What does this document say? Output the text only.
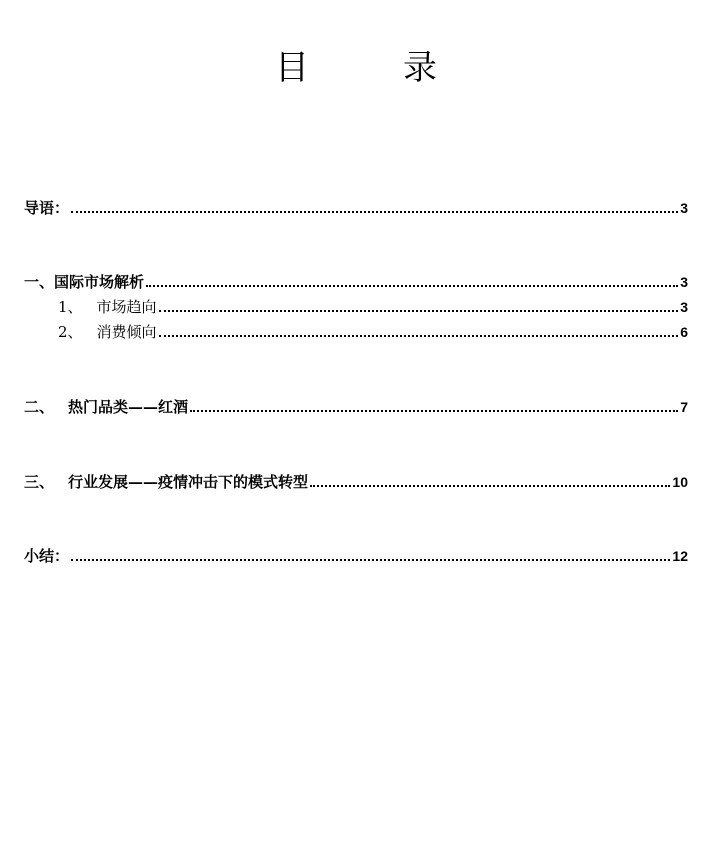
目　录
导语：	3
一、国际市场解析	3
1、 市场趋向	3
2、 消费倾向	6
二、 热门品类——红酒	7
三、 行业发展——疫情冲击下的模式转型	10
小结：	12
